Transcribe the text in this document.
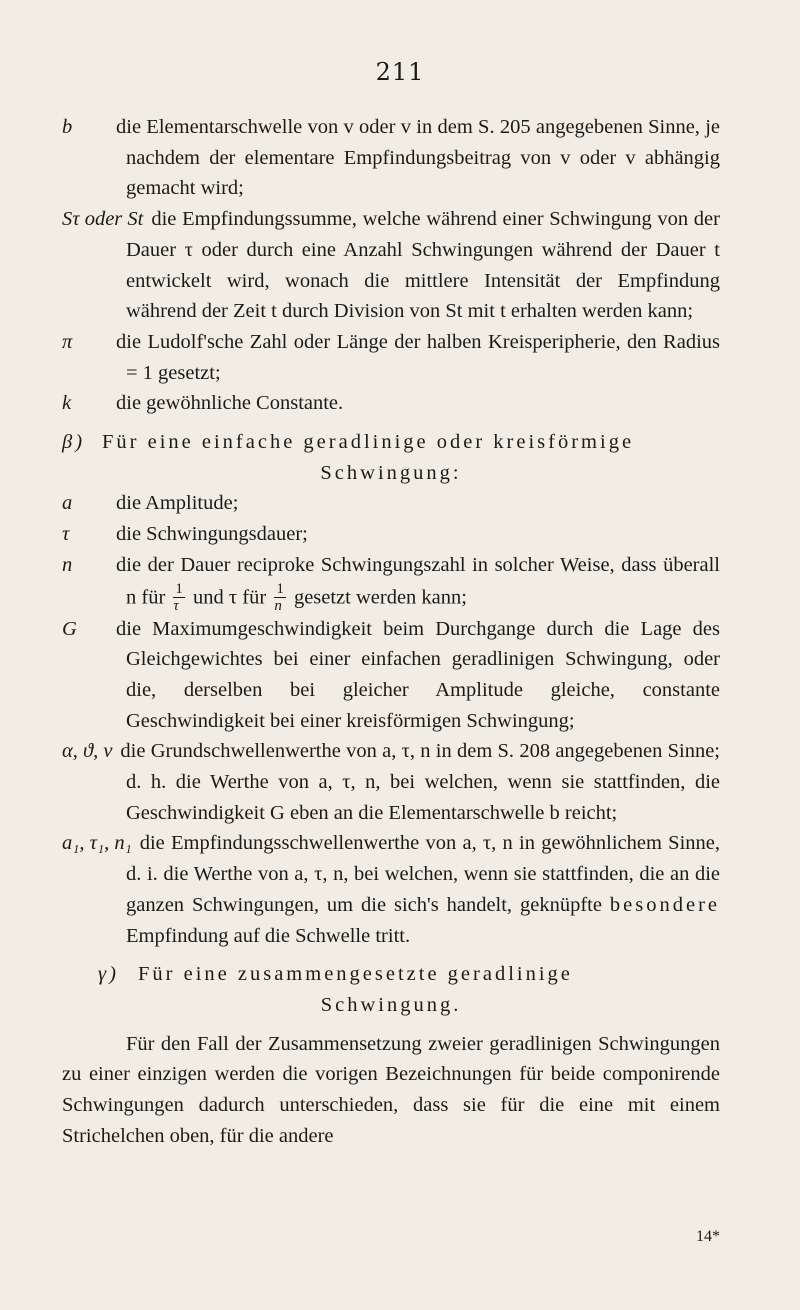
211
b die Elementarschwelle von v oder v in dem S. 205 angegebenen Sinne, je nachdem der elementare Empfindungsbeitrag von v oder v abhängig gemacht wird;
Sτ oder St die Empfindungssumme, welche während einer Schwingung von der Dauer τ oder durch eine Anzahl Schwingungen während der Dauer t entwickelt wird, wonach die mittlere Intensität der Empfindung während der Zeit t durch Division von St mit t erhalten werden kann;
π die Ludolf'sche Zahl oder Länge der halben Kreisperipherie, den Radius = 1 gesetzt;
k die gewöhnliche Constante.
β) Für eine einfache geradlinige oder kreisförmige
Schwingung:
a die Amplitude;
τ die Schwingungsdauer;
n die der Dauer reciproke Schwingungszahl in solcher Weise, dass überall n für $\frac{1}{\tau}$ und τ für $\frac{1}{n}$ gesetzt werden kann;
G die Maximumgeschwindigkeit beim Durchgange durch die Lage des Gleichgewichtes bei einer einfachen geradlinigen Schwingung, oder die, derselben bei gleicher Amplitude gleiche, constante Geschwindigkeit bei einer kreisförmigen Schwingung;
α, ϑ, ν die Grundschwellenwerthe von a, τ, n in dem S. 208 angegebenen Sinne; d. h. die Werthe von a, τ, n, bei welchen, wenn sie stattfinden, die Geschwindigkeit G eben an die Elementarschwelle b reicht;
a₁, τ₁, n₁ die Empfindungsschwellenwerthe von a, τ, n in gewöhnlichem Sinne, d. i. die Werthe von a, τ, n, bei welchen, wenn sie stattfinden, die an die ganzen Schwingungen, um die sich's handelt, geknüpfte besondere Empfindung auf die Schwelle tritt.
γ) Für eine zusammengesetzte geradlinige
Schwingung.
Für den Fall der Zusammensetzung zweier geradlinigen Schwingungen zu einer einzigen werden die vorigen Bezeichnungen für beide componirende Schwingungen dadurch unterschieden, dass sie für die eine mit einem Strichelchen oben, für die andere
14*
